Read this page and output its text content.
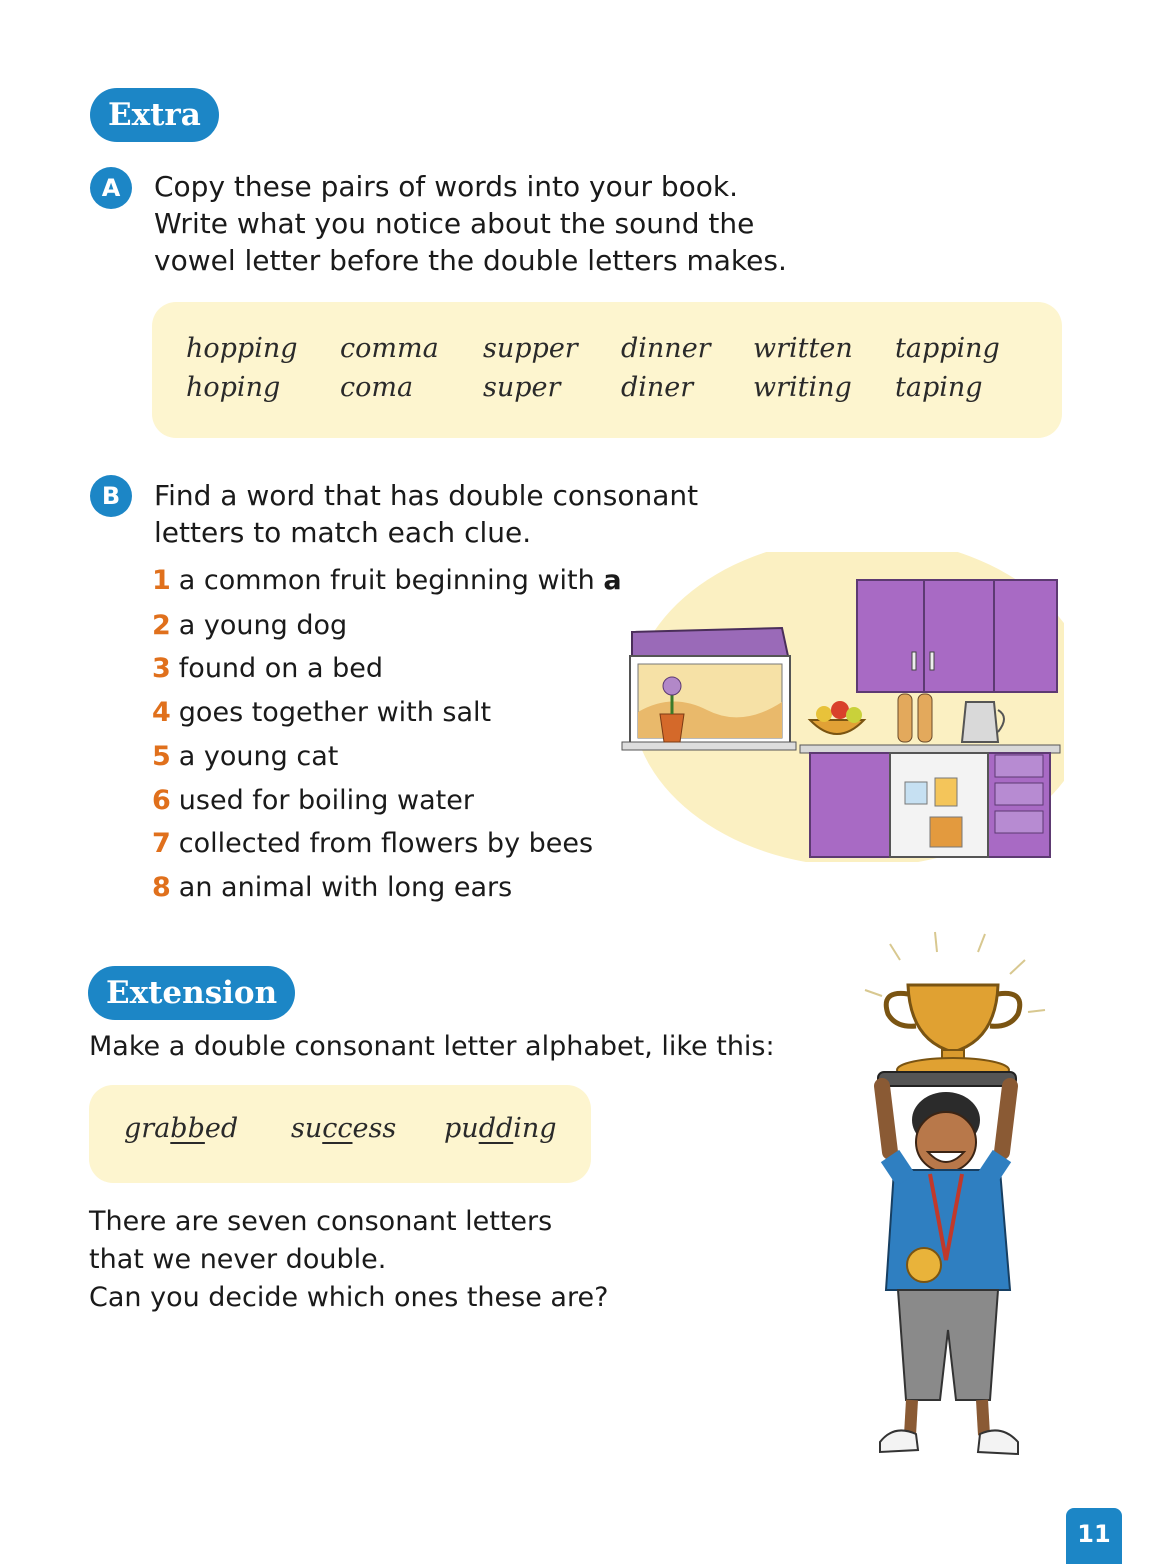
Extra
A	Copy these pairs of words into your book.
Write what you notice about the sound the
vowel letter before the double letters makes.

hopping
hoping
comma
coma
supper
super
dinner
diner
written
writing
tapping
taping
B	Find a word that has double consonant
letters to match each clue.

1 a common fruit beginning with a
2 a young dog
3 found on a bed
4 goes together with salt
5 a young cat
6 used for boiling water
7 collected from flowers by bees
8 an animal with long ears
Extension

Make a double consonant letter alphabet, like this:

grabbed success pudding

There are seven consonant letters
that we never double.
Can you decide which ones these are?

11
